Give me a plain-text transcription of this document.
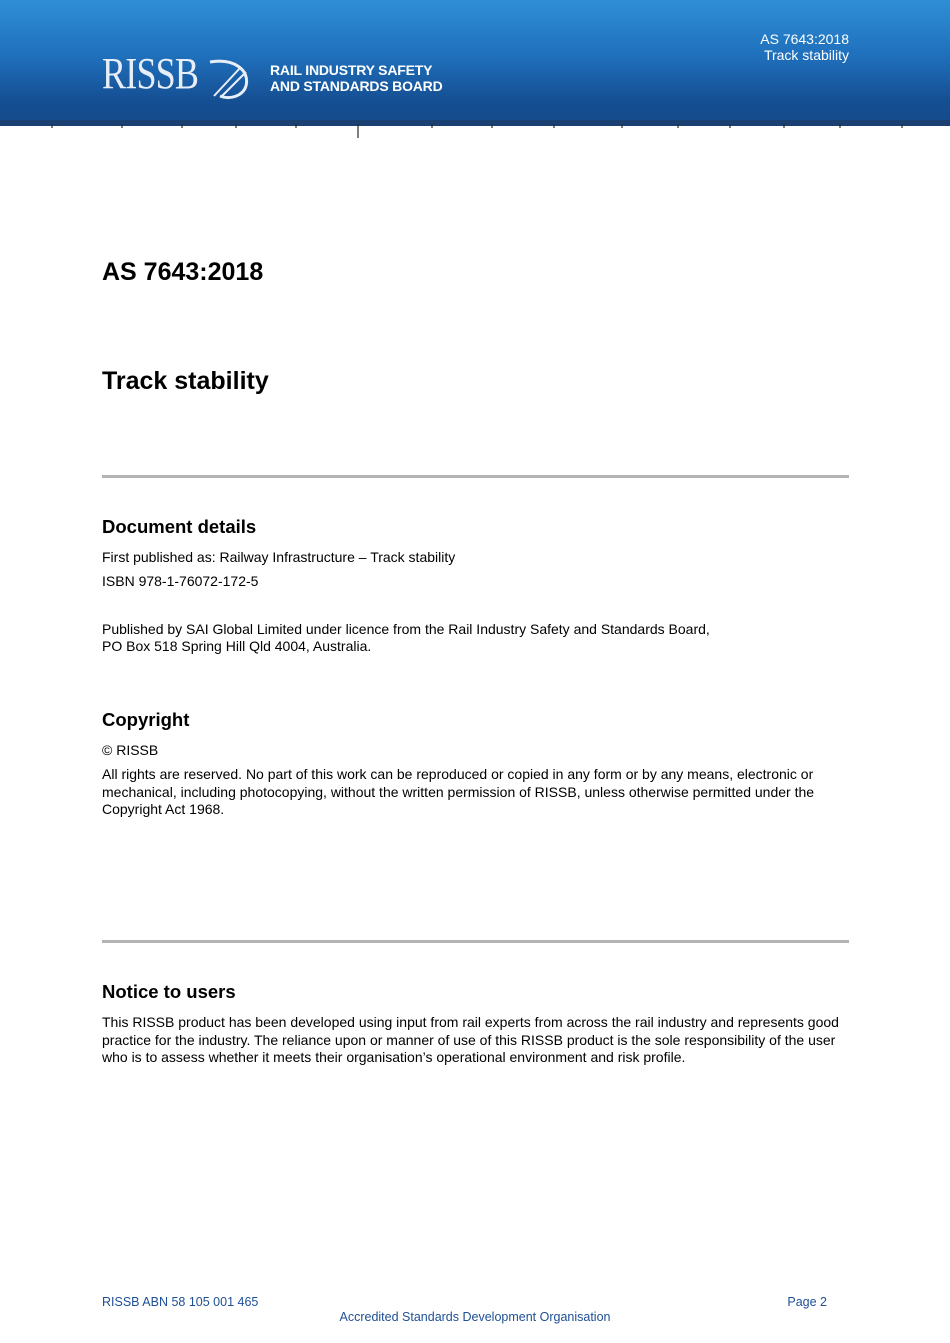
RISSB	RAIL INDUSTRY SAFETY
AND STANDARDS BOARD
AS 7643:2018
Track stability
AS 7643:2018
Track stability
Document details

First published as: Railway Infrastructure – Track stability

ISBN 978-1-76072-172-5

Published by SAI Global Limited under licence from the Rail Industry Safety and Standards Board,

PO Box 518 Spring Hill Qld 4004, Australia.

Copyright

© RISSB

All rights are reserved. No part of this work can be reproduced or copied in any form or by any means, electronic or mechanical, including photocopying, without the written permission of RISSB, unless otherwise permitted under the Copyright Act 1968.

Notice to users

This RISSB product has been developed using input from rail experts from across the rail industry and represents good practice for the industry. The reliance upon or manner of use of this RISSB product is the sole responsibility of the user who is to assess whether it meets their organisation’s operational environment and risk profile.

RISSB ABN 58 105 001 465	Page 2
Accredited Standards Development Organisation
